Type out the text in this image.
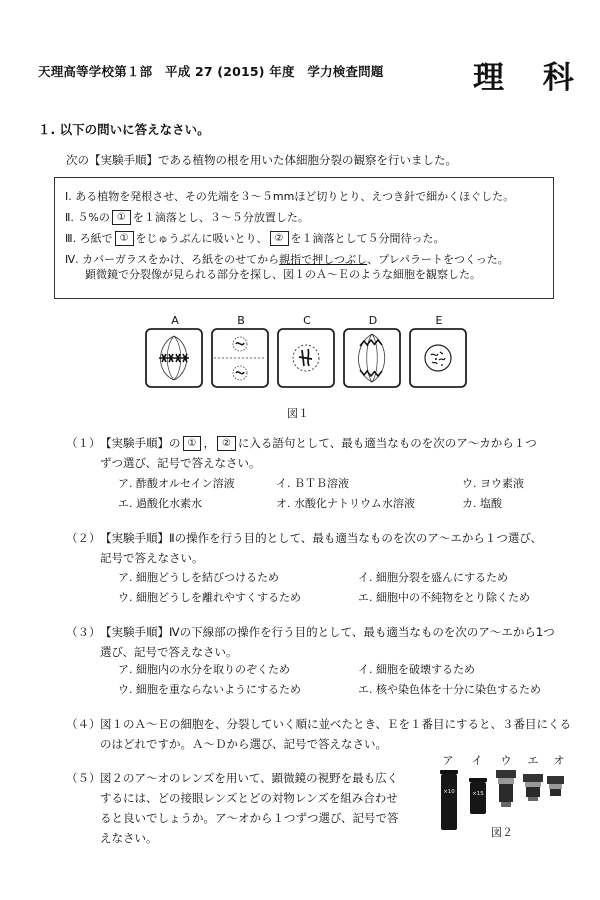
天理高等学校第１部　平成 27 (2015) 年度　学力検査問題	理 科
１. 以下の問いに答えなさい。
次の【実験手順】である植物の根を用いた体細胞分裂の観察を行いました。
Ⅰ. ある植物を発根させ、その先端を３～５mmほど切りとり、えつき針で細かくほぐした。
Ⅱ. ５%の ① を１滴落とし、３～５分放置した。
Ⅲ. ろ紙で ① をじゅうぶんに吸いとり、 ② を１滴落として５分間待った。
Ⅳ. カバーガラスをかけ、ろ紙をのせてから親指で押しつぶし、プレパラートをつくった。
顕微鏡で分裂像が見られる部分を探し、図１のＡ～Ｅのような細胞を観察した。
A	B	C	D	E
図１
（１） 【実験手順】の ① ， ② に入る語句として、最も適当なものを次のア～カから１つ
ずつ選び、記号で答えなさい。
ア. 酢酸オルセイン溶液	イ. ＢＴＢ溶液	ウ. ヨウ素液
エ. 過酸化水素水	オ. 水酸化ナトリウム水溶液	カ. 塩酸
（２） 【実験手順】Ⅱの操作を行う目的として、最も適当なものを次のア～エから１つ選び、
記号で答えなさい。
ア. 細胞どうしを結びつけるため	イ. 細胞分裂を盛んにするため
ウ. 細胞どうしを離れやすくするため	エ. 細胞中の不純物をとり除くため
（３） 【実験手順】Ⅳの下線部の操作を行う目的として、最も適当なものを次のア～エから1つ
選び、記号で答えなさい。
ア. 細胞内の水分を取りのぞくため	イ. 細胞を破壊するため
ウ. 細胞を重ならないようにするため	エ. 核や染色体を十分に染色するため
（４） 図１のＡ～Ｅの細胞を、分裂していく順に並べたとき、Ｅを１番目にすると、３番目にくる
のはどれですか。Ａ～Ｄから選び、記号で答えなさい。
（５） 図２のア～オのレンズを用いて、顕微鏡の視野を最も広く
するには、どの接眼レンズとどの対物レンズを組み合わせ
ると良いでしょうか。ア～オから１つずつ選び、記号で答
えなさい。
ア	イ	ウ	エ	オ
×10	×15
図２
